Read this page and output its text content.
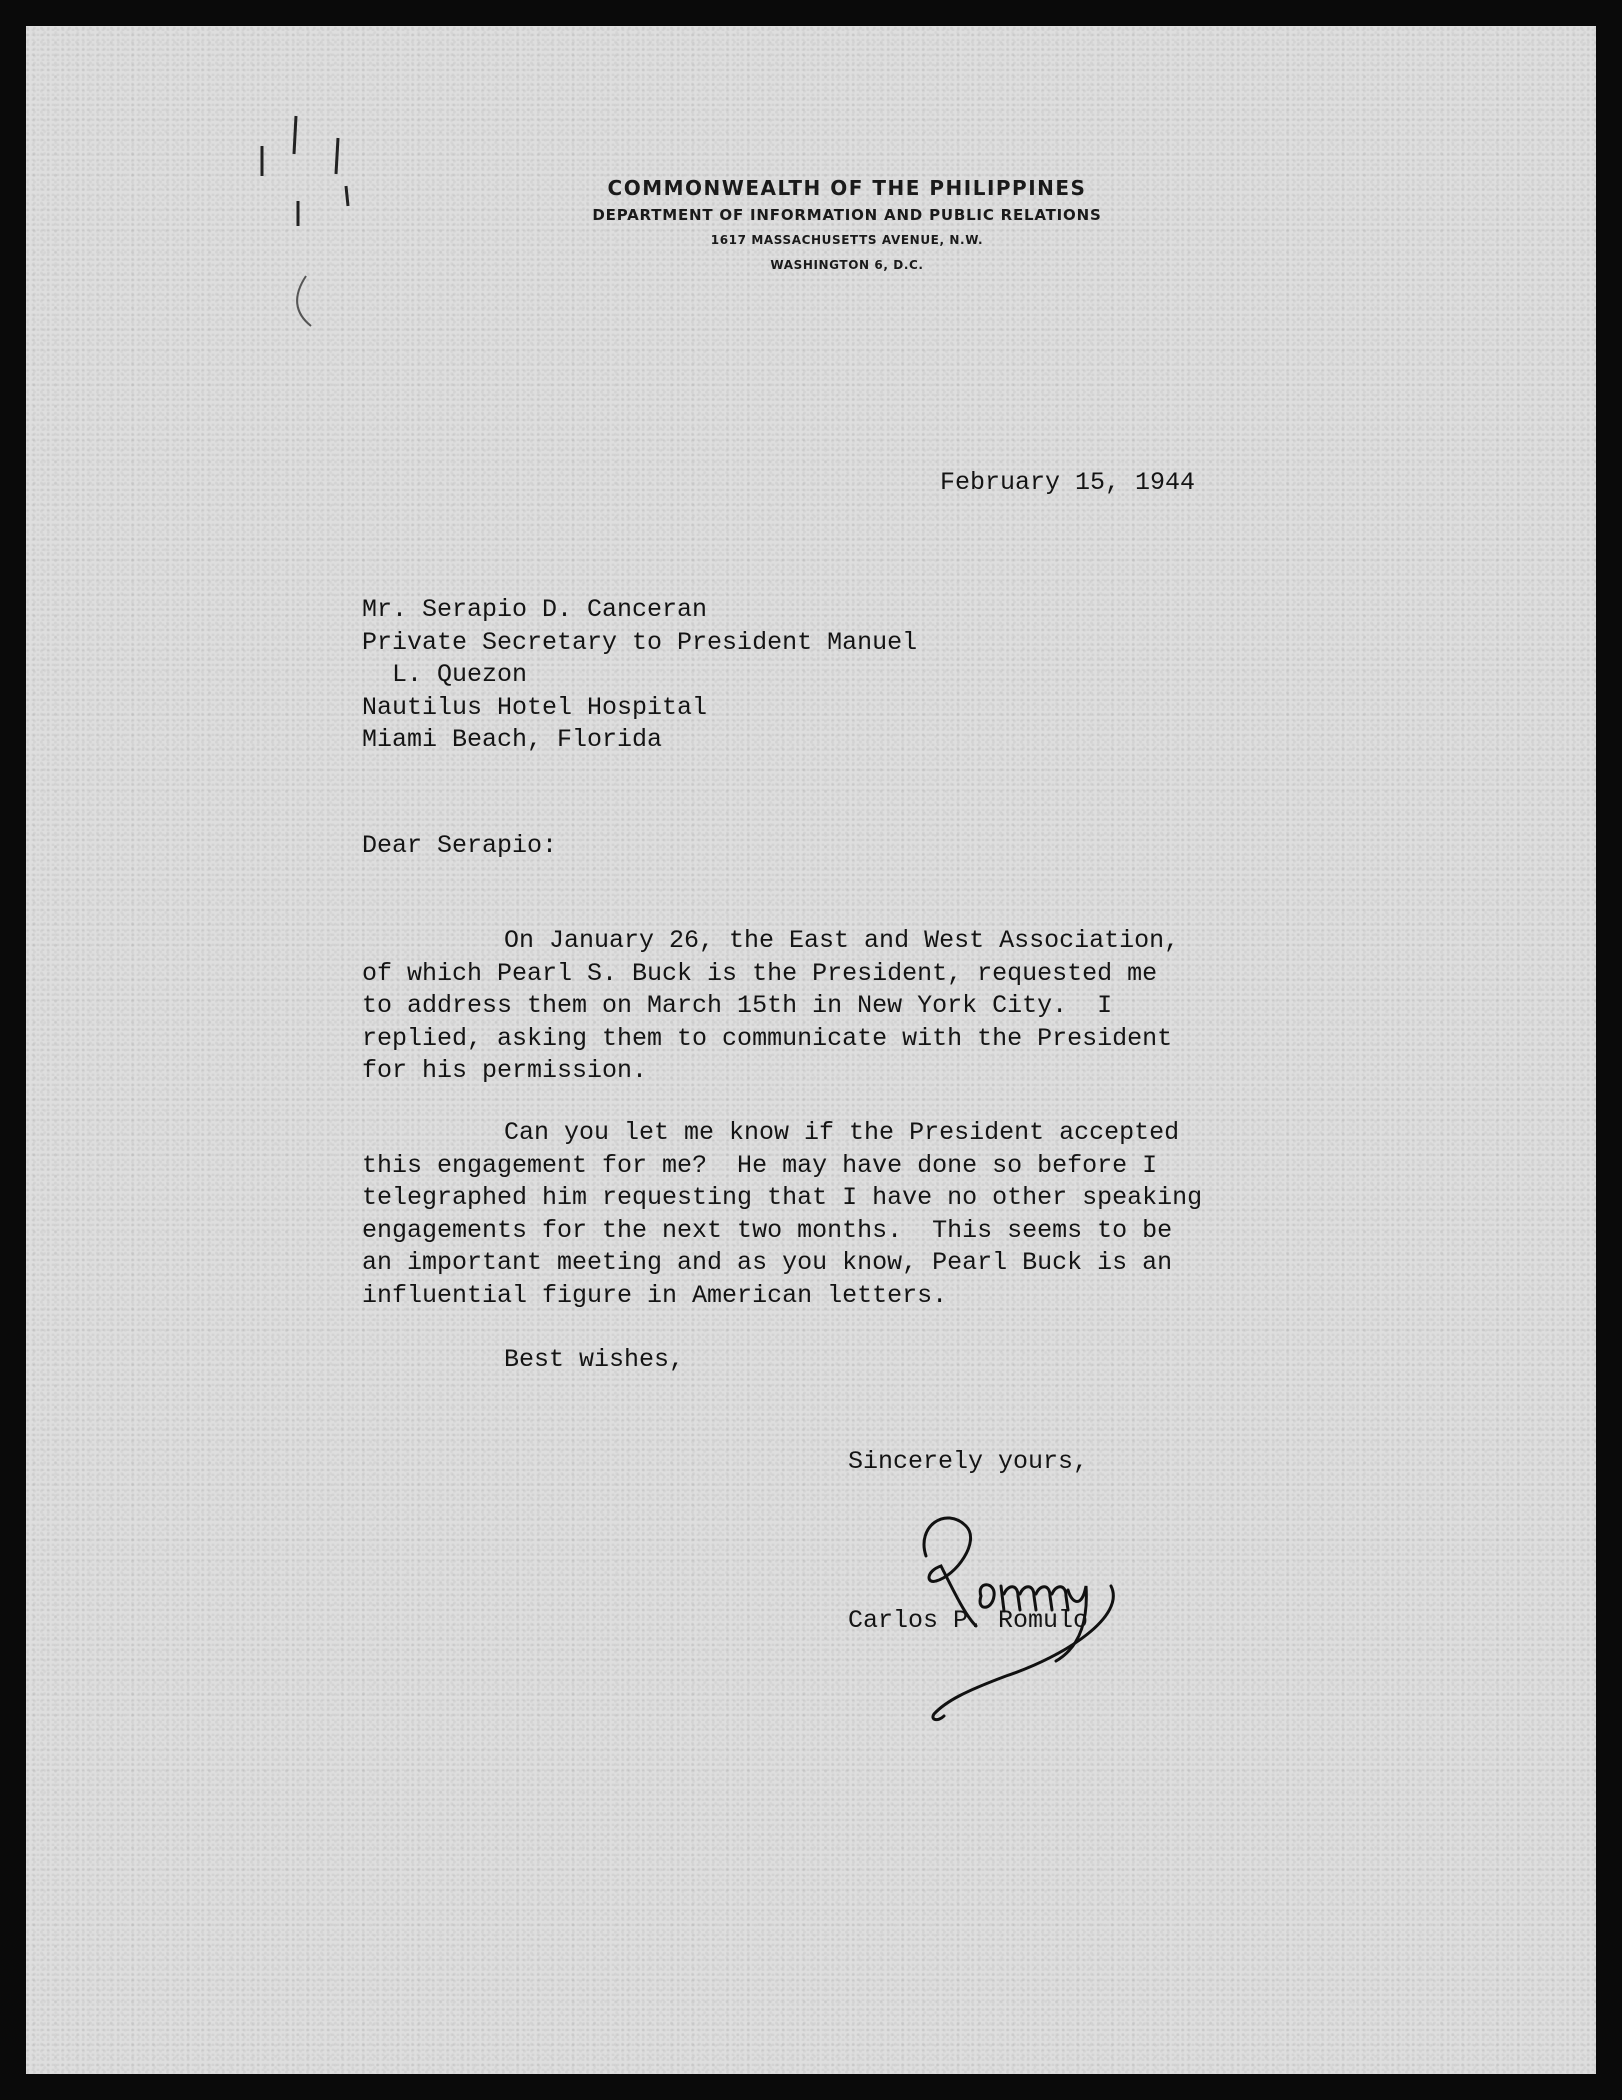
COMMONWEALTH OF THE PHILIPPINES
DEPARTMENT OF INFORMATION AND PUBLIC RELATIONS
1617 MASSACHUSETTS AVENUE, N.W.
WASHINGTON 6, D.C.
February 15, 1944
Mr. Serapio D. Canceran
Private Secretary to President Manuel
L. Quezon
Nautilus Hotel Hospital
Miami Beach, Florida
Dear Serapio:
On January 26, the East and West Association,
of which Pearl S. Buck is the President, requested me
to address them on March 15th in New York City.  I
replied, asking them to communicate with the President
for his permission.
Can you let me know if the President accepted
this engagement for me?  He may have done so before I
telegraphed him requesting that I have no other speaking
engagements for the next two months.  This seems to be
an important meeting and as you know, Pearl Buck is an
influential figure in American letters.
Best wishes,
Sincerely yours,
Carlos P. Romulo
